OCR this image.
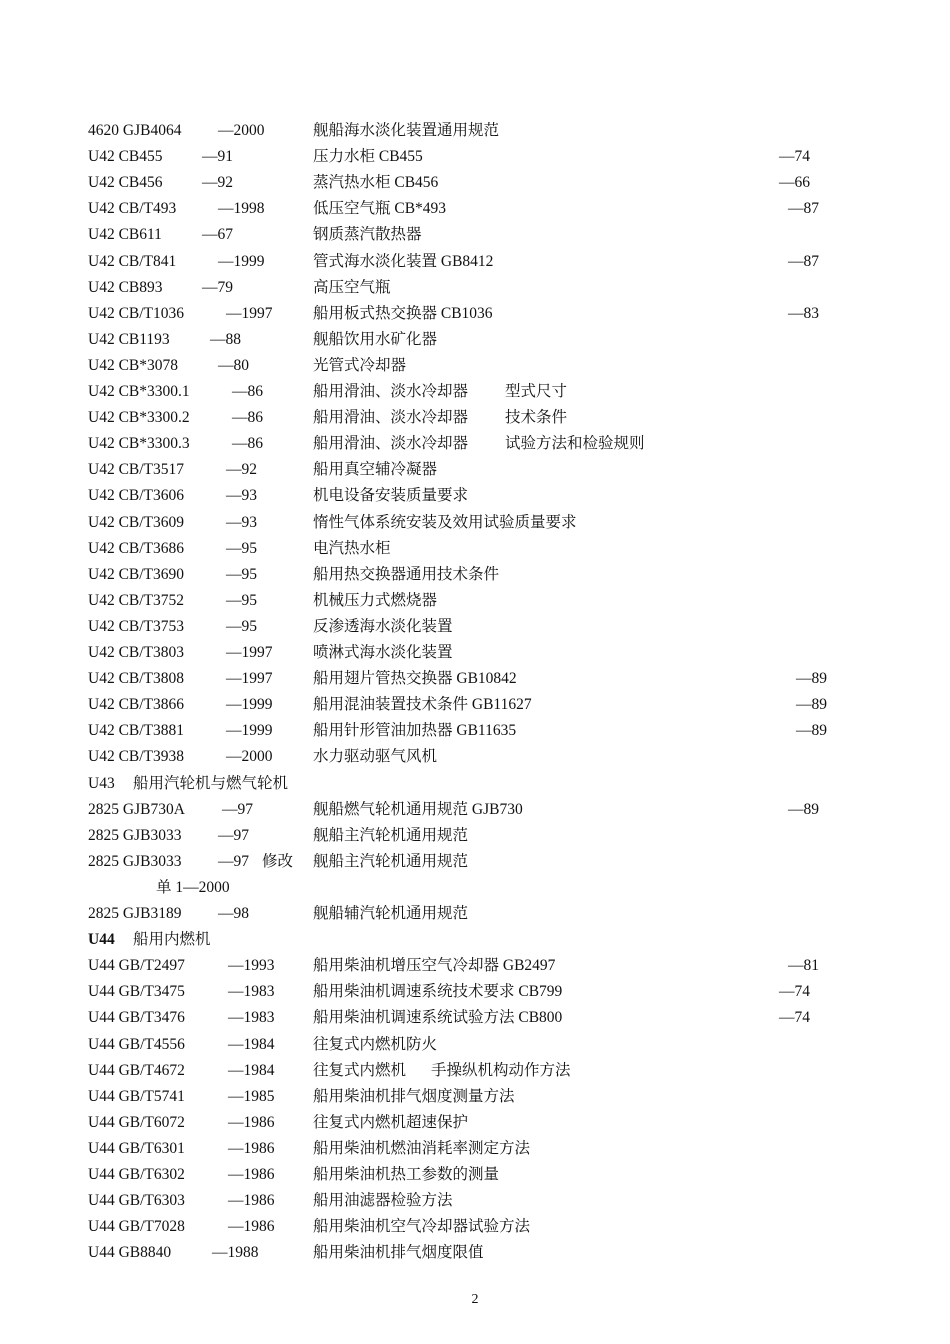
4620 GJB4064 —2000	舰船海水淡化装置通用规范
U42 CB455	—91	压力水柜 CB455	—74
U42 CB456	—92	蒸汽热水柜 CB456	—66
U42 CB/T493	—1998	低压空气瓶 CB*493	—87
U42 CB611	—67	钢质蒸汽散热器
U42 CB/T841	—1999	管式海水淡化装置 GB8412	—87
U42 CB893	—79	高压空气瓶
U42 CB/T1036	—1997	船用板式热交换器 CB1036	—83
U42 CB1193	—88	舰船饮用水矿化器
U42 CB*3078	—80	光管式冷却器
U42 CB*3300.1	—86	船用滑油、淡水冷却器 型式尺寸
U42 CB*3300.2	—86	船用滑油、淡水冷却器 技术条件
U42 CB*3300.3	—86	船用滑油、淡水冷却器 试验方法和检验规则
U42 CB/T3517	—92	船用真空辅冷凝器
U42 CB/T3606	—93	机电设备安装质量要求
U42 CB/T3609	—93	惰性气体系统安装及效用试验质量要求
U42 CB/T3686	—95	电汽热水柜
U42 CB/T3690	—95	船用热交换器通用技术条件
U42 CB/T3752	—95	机械压力式燃烧器
U42 CB/T3753	—95	反渗透海水淡化装置
U42 CB/T3803	—1997	喷淋式海水淡化装置
U42 CB/T3808	—1997	船用翅片管热交换器 GB10842	—89
U42 CB/T3866	—1999	船用混油装置技术条件 GB11627	—89
U42 CB/T3881	—1999	船用针形管油加热器 GB11635	—89
U42 CB/T3938	—2000	水力驱动驱气风机
U43 船用汽轮机与燃气轮机
2825 GJB730A —97	舰船燃气轮机通用规范 GJB730	—89
2825 GJB3033 —97	舰船主汽轮机通用规范
2825 GJB3033 —97 修改 舰船主汽轮机通用规范
单 1—2000
2825 GJB3189 —98	舰船辅汽轮机通用规范
U44 船用内燃机
U44 GB/T2497	—1993 船用柴油机增压空气冷却器 GB2497	—81
U44 GB/T3475	—1983 船用柴油机调速系统技术要求 CB799	—74
U44 GB/T3476	—1983 船用柴油机调速系统试验方法 CB800	—74
U44 GB/T4556	—1984 往复式内燃机防火
U44 GB/T4672	—1984 往复式内燃机 手操纵机构动作方法
U44 GB/T5741	—1985 船用柴油机排气烟度测量方法
U44 GB/T6072	—1986 往复式内燃机超速保护
U44 GB/T6301	—1986 船用柴油机燃油消耗率测定方法
U44 GB/T6302	—1986 船用柴油机热工参数的测量
U44 GB/T6303	—1986 船用油滤器检验方法
U44 GB/T7028	—1986 船用柴油机空气冷却器试验方法
U44 GB8840	—1988	船用柴油机排气烟度限值
2
